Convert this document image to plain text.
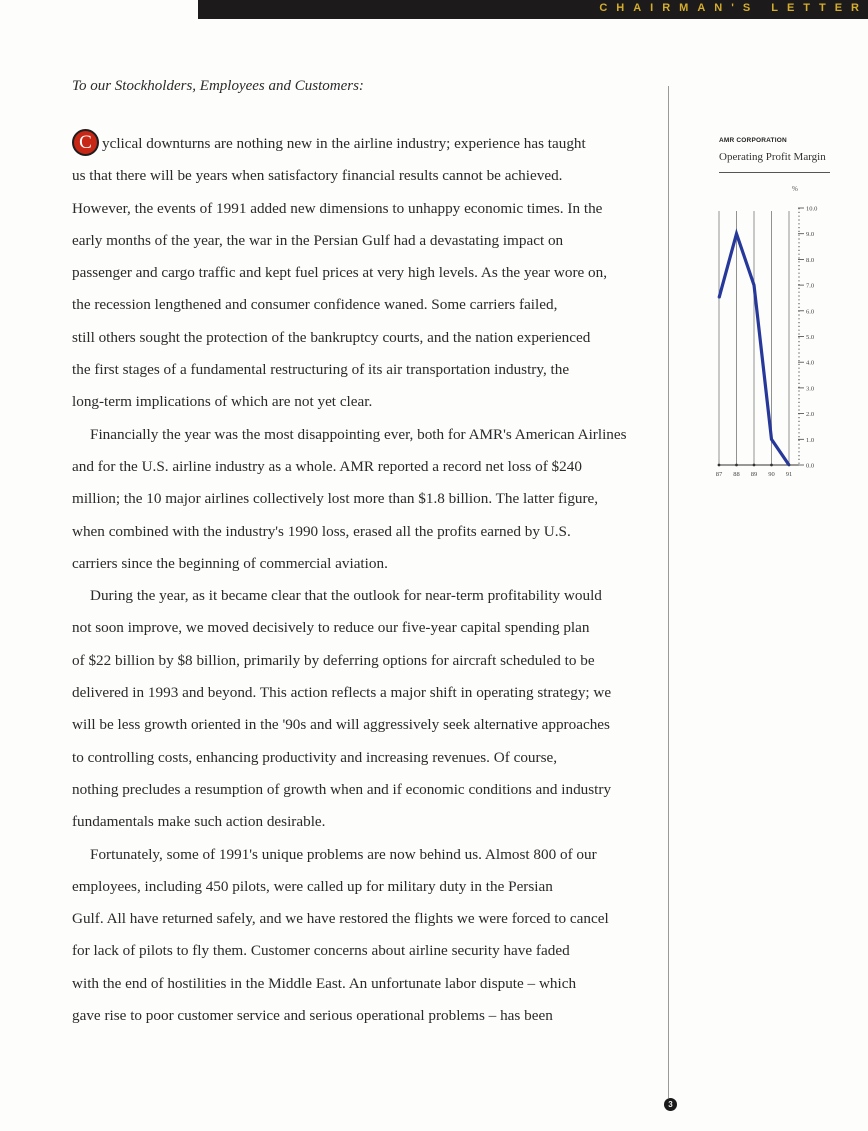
CHAIRMAN'S LETTER
To our Stockholders, Employees and Customers:
C yclical downturns are nothing new in the airline industry; experience has taught
us that there will be years when satisfactory financial results cannot be achieved.
However, the events of 1991 added new dimensions to unhappy economic times. In the
early months of the year, the war in the Persian Gulf had a devastating impact on
passenger and cargo traffic and kept fuel prices at very high levels. As the year wore on,
the recession lengthened and consumer confidence waned. Some carriers failed,
still others sought the protection of the bankruptcy courts, and the nation experienced
the first stages of a fundamental restructuring of its air transportation industry, the
long-term implications of which are not yet clear.
Financially the year was the most disappointing ever, both for AMR's American Airlines
and for the U.S. airline industry as a whole. AMR reported a record net loss of $240
million; the 10 major airlines collectively lost more than $1.8 billion. The latter figure,
when combined with the industry's 1990 loss, erased all the profits earned by U.S.
carriers since the beginning of commercial aviation.
During the year, as it became clear that the outlook for near-term profitability would
not soon improve, we moved decisively to reduce our five-year capital spending plan
of $22 billion by $8 billion, primarily by deferring options for aircraft scheduled to be
delivered in 1993 and beyond. This action reflects a major shift in operating strategy; we
will be less growth oriented in the '90s and will aggressively seek alternative approaches
to controlling costs, enhancing productivity and increasing revenues. Of course,
nothing precludes a resumption of growth when and if economic conditions and industry
fundamentals make such action desirable.
Fortunately, some of 1991's unique problems are now behind us. Almost 800 of our
employees, including 450 pilots, were called up for military duty in the Persian
Gulf. All have returned safely, and we have restored the flights we were forced to cancel
for lack of pilots to fly them. Customer concerns about airline security have faded
with the end of hostilities in the Middle East. An unfortunate labor dispute – which
gave rise to poor customer service and serious operational problems – has been
3
AMR CORPORATION
Operating Profit Margin
%
10.0
9.0
8.0
7.0
6.0
5.0
4.0
3.0
2.0
1.0
0.0
87 88 89 90 91
